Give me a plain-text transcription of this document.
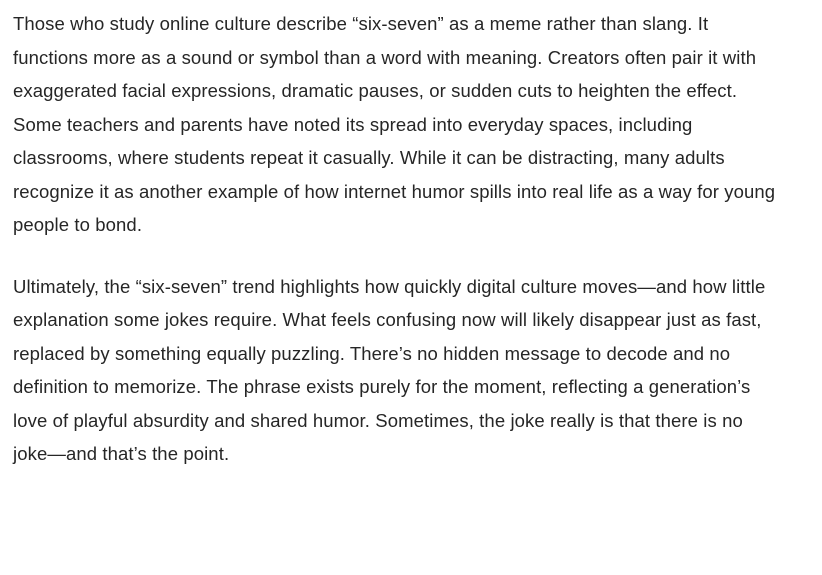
Those who study online culture describe “six-seven” as a meme rather than slang. It functions more as a sound or symbol than a word with meaning. Creators often pair it with exaggerated facial expressions, dramatic pauses, or sudden cuts to heighten the effect. Some teachers and parents have noted its spread into everyday spaces, including classrooms, where students repeat it casually. While it can be distracting, many adults recognize it as another example of how internet humor spills into real life as a way for young people to bond.

Ultimately, the “six-seven” trend highlights how quickly digital culture moves—and how little explanation some jokes require. What feels confusing now will likely disappear just as fast, replaced by something equally puzzling. There’s no hidden message to decode and no definition to memorize. The phrase exists purely for the moment, reflecting a generation’s love of playful absurdity and shared humor. Sometimes, the joke really is that there is no joke—and that’s the point.
